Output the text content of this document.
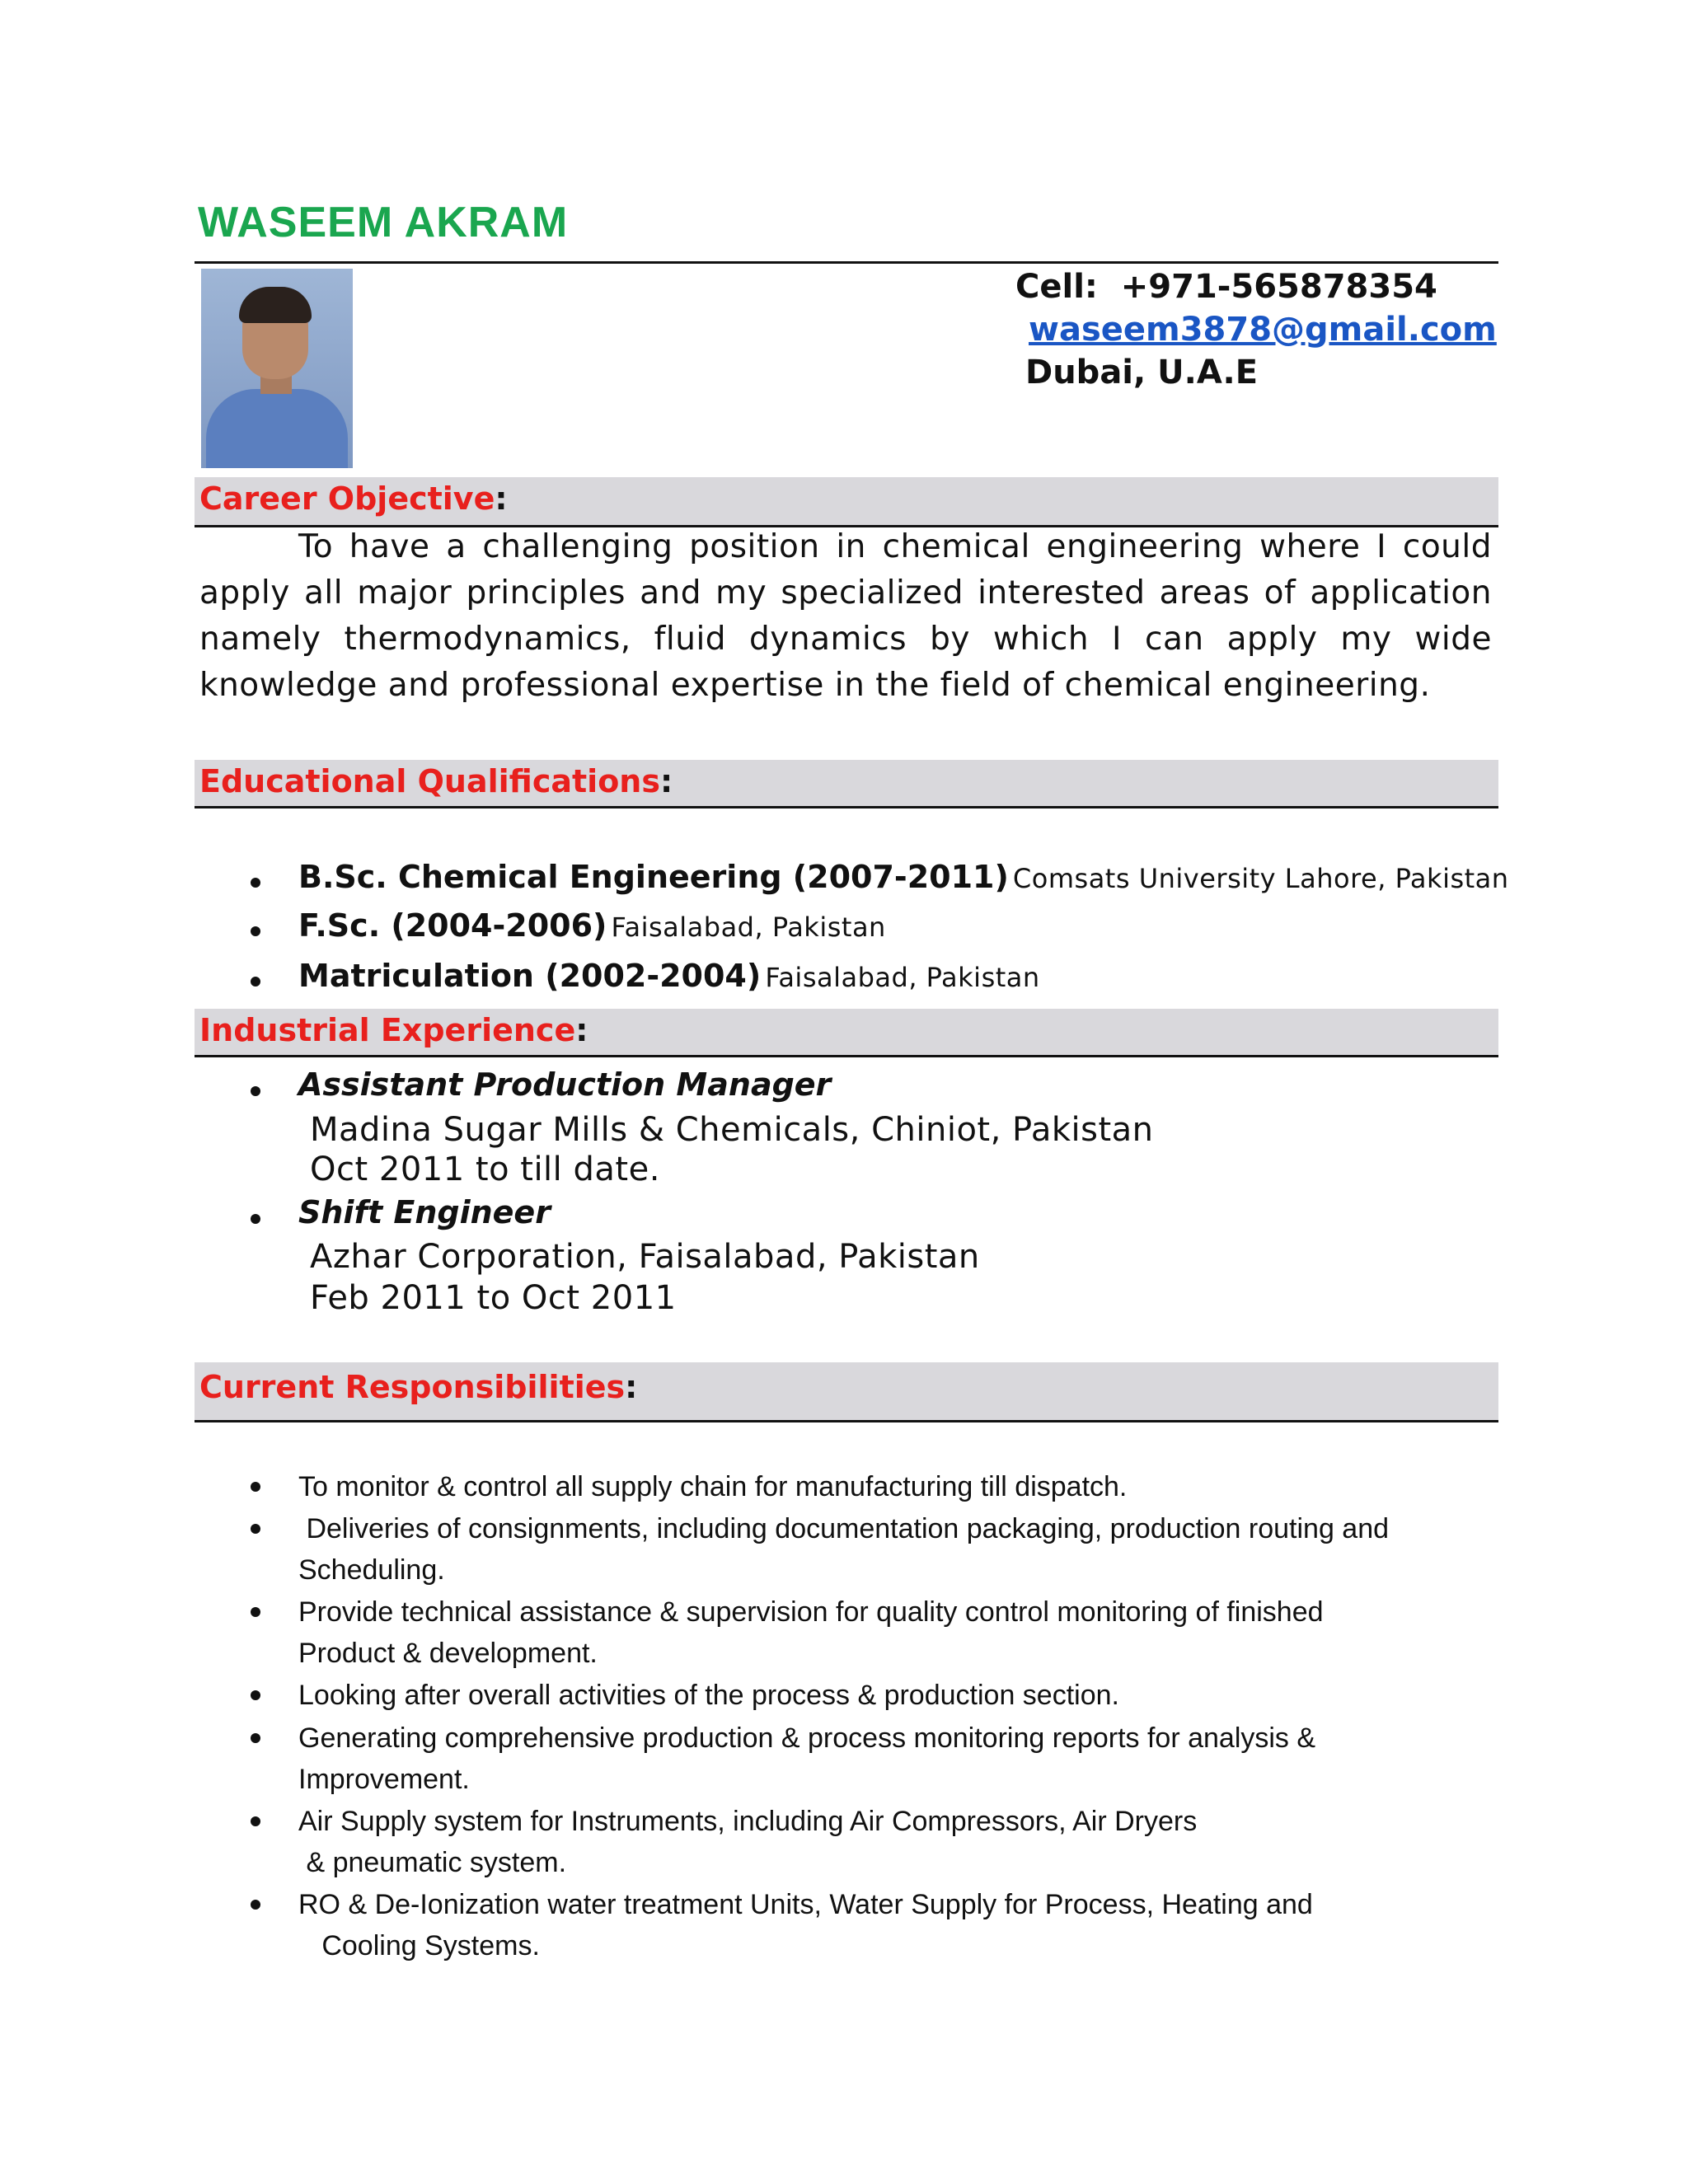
WASEEM AKRAM
Cell: +971-565878354
waseem3878@gmail.com
Dubai, U.A.E
Career Objective:
To have a challenging position in chemical engineering where I could apply all major principles and my specialized interested areas of application namely thermodynamics, fluid dynamics by which I can apply my wide knowledge and professional expertise in the field of chemical engineering.
Educational Qualifications:
B.Sc. Chemical Engineering (2007-2011) Comsats University Lahore, Pakistan
F.Sc. (2004-2006) Faisalabad, Pakistan
Matriculation (2002-2004) Faisalabad, Pakistan
Industrial Experience:
Assistant Production Manager
Madina Sugar Mills & Chemicals, Chiniot, Pakistan
Oct 2011 to till date.
Shift Engineer
Azhar Corporation, Faisalabad, Pakistan
Feb 2011 to Oct 2011
Current Responsibilities:
To monitor & control all supply chain for manufacturing till dispatch.
Deliveries of consignments, including documentation packaging, production routing and
Scheduling.
Provide technical assistance & supervision for quality control monitoring of finished
Product & development.
Looking after overall activities of the process & production section.
Generating comprehensive production & process monitoring reports for analysis &
Improvement.
Air Supply system for Instruments, including Air Compressors, Air Dryers
& pneumatic system.
RO & De-Ionization water treatment Units, Water Supply for Process, Heating and
Cooling Systems.
